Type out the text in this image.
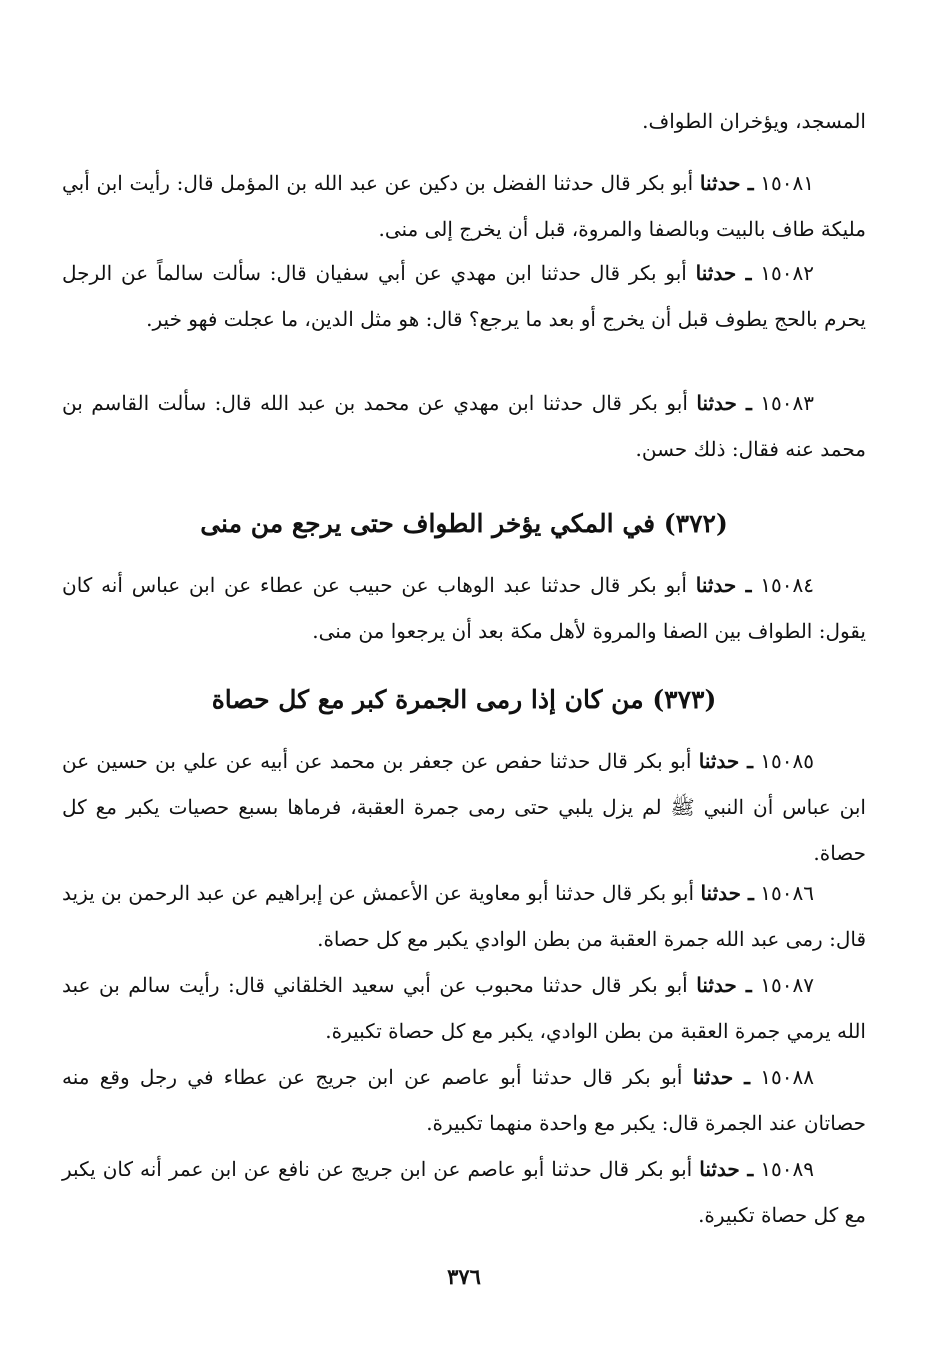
المسجد، ويؤخران الطواف.

١٥٠٨١ ـ حدثنا أبو بكر قال حدثنا الفضل بن دكين عن عبد الله بن المؤمل قال: رأيت ابن أبي مليكة طاف بالبيت وبالصفا والمروة، قبل أن يخرج إلى منى.

١٥٠٨٢ ـ حدثنا أبو بكر قال حدثنا ابن مهدي عن أبي سفيان قال: سألت سالماً عن الرجل يحرم بالحج يطوف قبل أن يخرج أو بعد ما يرجع؟ قال: هو مثل الدين، ما عجلت فهو خير.

١٥٠٨٣ ـ حدثنا أبو بكر قال حدثنا ابن مهدي عن محمد بن عبد الله قال: سألت القاسم بن محمد عنه فقال: ذلك حسن.

(٣٧٢) في المكي يؤخر الطواف حتى يرجع من منى

١٥٠٨٤ ـ حدثنا أبو بكر قال حدثنا عبد الوهاب عن حبيب عن عطاء عن ابن عباس أنه كان يقول: الطواف بين الصفا والمروة لأهل مكة بعد أن يرجعوا من منى.

(٣٧٣) من كان إذا رمى الجمرة كبر مع كل حصاة

١٥٠٨٥ ـ حدثنا أبو بكر قال حدثنا حفص عن جعفر بن محمد عن أبيه عن علي بن حسين عن ابن عباس أن النبي ﷺ لم يزل يلبي حتى رمى جمرة العقبة، فرماها بسبع حصيات يكبر مع كل حصاة.

١٥٠٨٦ ـ حدثنا أبو بكر قال حدثنا أبو معاوية عن الأعمش عن إبراهيم عن عبد الرحمن بن يزيد قال: رمى عبد الله جمرة العقبة من بطن الوادي يكبر مع كل حصاة.

١٥٠٨٧ ـ حدثنا أبو بكر قال حدثنا محبوب عن أبي سعيد الخلقاني قال: رأيت سالم بن عبد الله يرمي جمرة العقبة من بطن الوادي، يكبر مع كل حصاة تكبيرة.

١٥٠٨٨ ـ حدثنا أبو بكر قال حدثنا أبو عاصم عن ابن جريج عن عطاء في رجل وقع منه حصاتان عند الجمرة قال: يكبر مع واحدة منهما تكبيرة.

١٥٠٨٩ ـ حدثنا أبو بكر قال حدثنا أبو عاصم عن ابن جريج عن نافع عن ابن عمر أنه كان يكبر مع كل حصاة تكبيرة.

٣٧٦
